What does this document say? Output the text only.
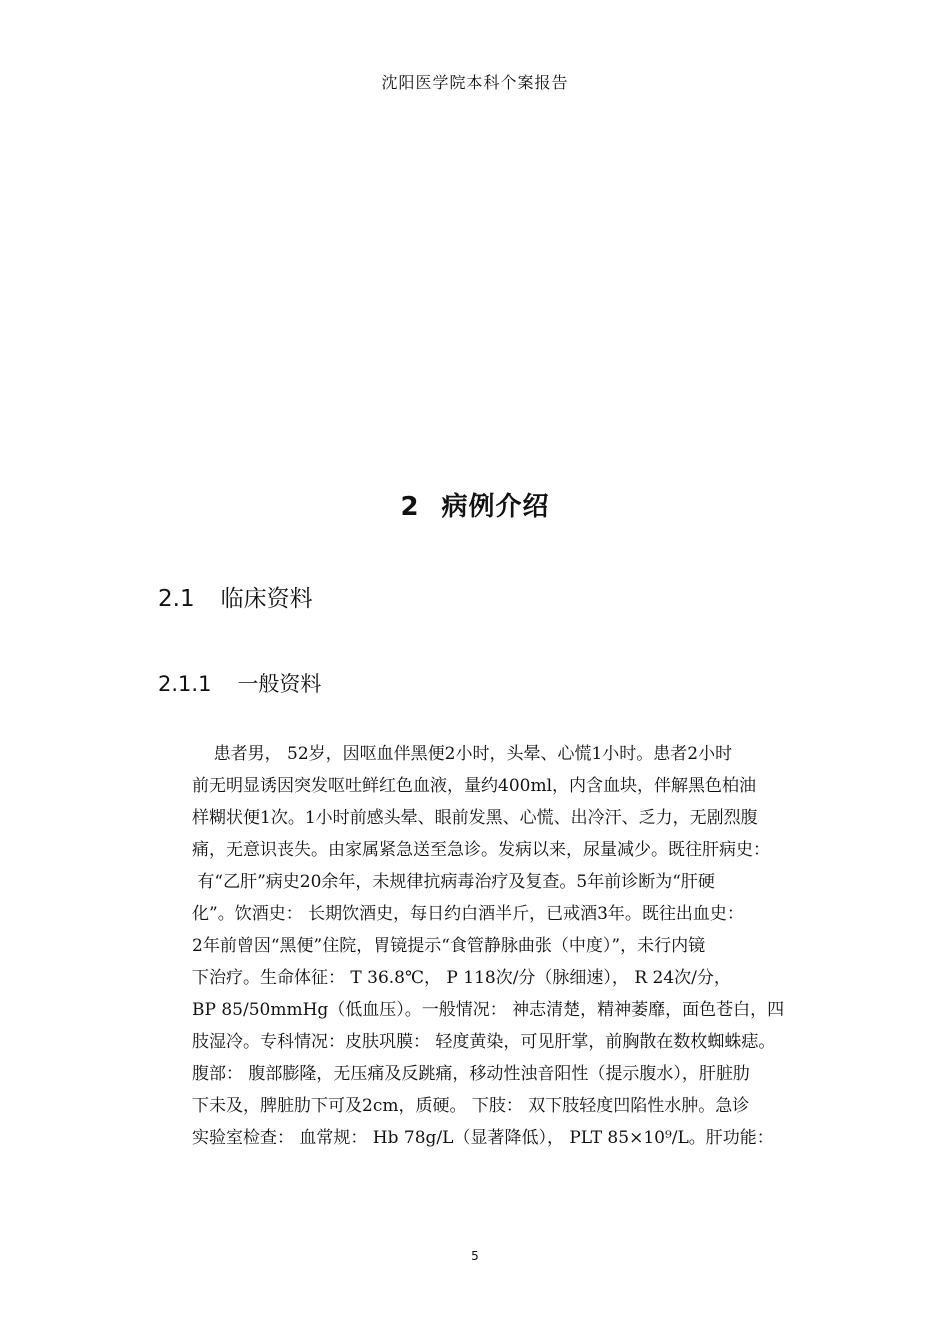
沈阳医学院本科个案报告
2 病例介绍
2.1 临床资料
2.1.1 一般资料
患者男， 52岁，因呕血伴黑便2小时，头晕、心慌1小时。患者2小时
前无明显诱因突发呕吐鲜红色血液，量约400ml，内含血块，伴解黑色柏油
样糊状便1次。1小时前感头晕、眼前发黑、心慌、出冷汗、乏力，无剧烈腹
痛，无意识丧失。由家属紧急送至急诊。发病以来，尿量减少。既往肝病史：
有“乙肝”病史20余年，未规律抗病毒治疗及复查。5年前诊断为“肝硬
化”。饮酒史： 长期饮酒史，每日约白酒半斤，已戒酒3年。既往出血史：
2年前曾因“黑便”住院，胃镜提示“食管静脉曲张（中度）”，未行内镜
下治疗。生命体征： T 36.8℃， P 118次/分（脉细速）， R 24次/分，
BP 85/50mmHg（低血压）。一般情况： 神志清楚，精神萎靡，面色苍白，四
肢湿冷。专科情况：皮肤巩膜： 轻度黄染，可见肝掌，前胸散在数枚蜘蛛痣。
腹部： 腹部膨隆，无压痛及反跳痛，移动性浊音阳性（提示腹水），肝脏肋
下未及，脾脏肋下可及2cm，质硬。 下肢： 双下肢轻度凹陷性水肿。急诊
实验室检查： 血常规： Hb 78g/L（显著降低）， PLT 85×10⁹/L。肝功能：
5
